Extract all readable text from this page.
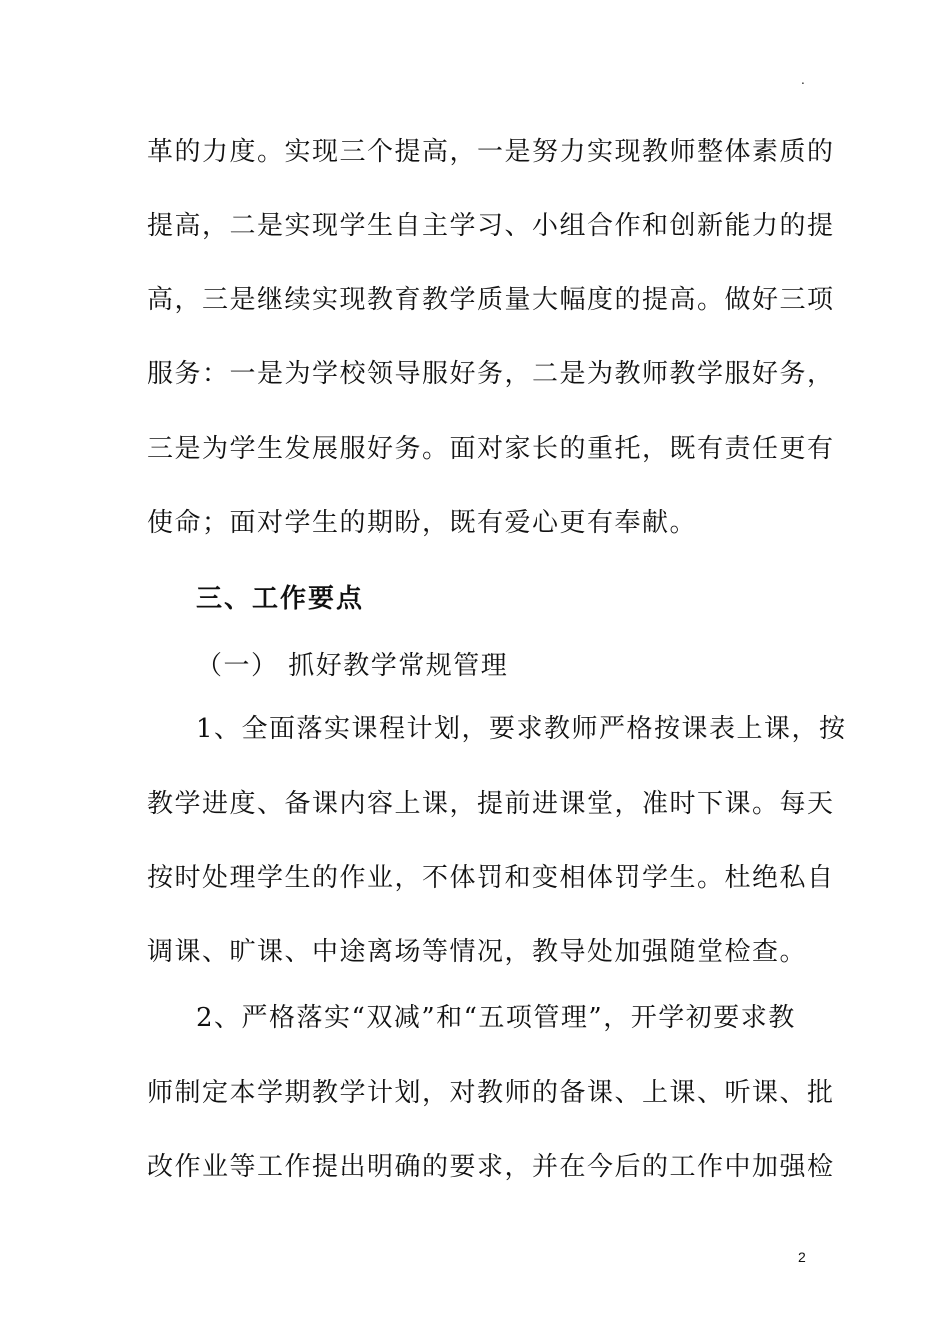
.
革的力度。实现三个提高，一是努力实现教师整体素质的
提高，二是实现学生自主学习、小组合作和创新能力的提
高，三是继续实现教育教学质量大幅度的提高。做好三项
服务：一是为学校领导服好务，二是为教师教学服好务，
三是为学生发展服好务。面对家长的重托，既有责任更有
使命；面对学生的期盼，既有爱心更有奉献。
三、工作要点
（一） 抓好教学常规管理
1、全面落实课程计划，要求教师严格按课表上课，按
教学进度、备课内容上课，提前进课堂，准时下课。每天
按时处理学生的作业，不体罚和变相体罚学生。杜绝私自
调课、旷课、中途离场等情况，教导处加强随堂检查。
2、严格落实“双减”和“五项管理”，开学初要求教
师制定本学期教学计划，对教师的备课、上课、听课、批
改作业等工作提出明确的要求，并在今后的工作中加强检
2
